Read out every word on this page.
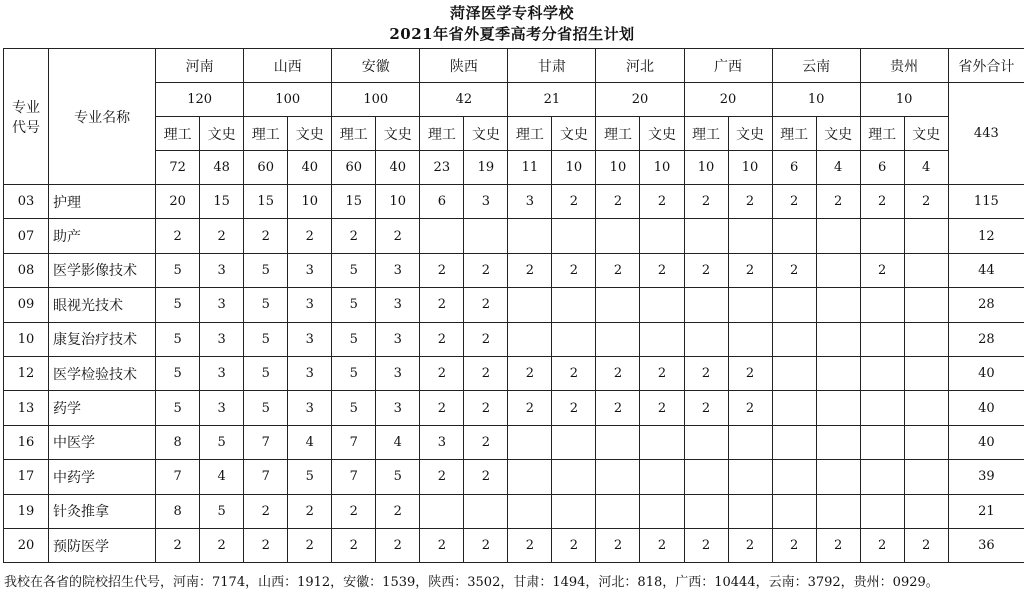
菏泽医学专科学校
2021年省外夏季高考分省招生计划
专业
代号	专业名称	河南		山西		安徽		陕西		甘肃		河北		广西		云南		贵州		省外合计
		120		100		100		42		21		20		20		10		10		443
		理工	文史	理工	文史	理工	文史	理工	文史	理工	文史	理工	文史	理工	文史	理工	文史	理工	文史	
		72	48	60	40	60	40	23	19	11	10	10	10	10	10	6	4	6	4	
03	护理	20	15	15	10	15	10	6	3	3	2	2	2	2	2	2	2	2	2	115
07	助产	2	2	2	2	2	2													12
08	医学影像技术	5	3	5	3	5	3	2	2	2	2	2	2	2	2	2		2		44
09	眼视光技术	5	3	5	3	5	3	2	2											28
10	康复治疗技术	5	3	5	3	5	3	2	2											28
12	医学检验技术	5	3	5	3	5	3	2	2	2	2	2	2	2	2					40
13	药学	5	3	5	3	5	3	2	2	2	2	2	2	2	2					40
16	中医学	8	5	7	4	7	4	3	2											40
17	中药学	7	4	7	5	7	5	2	2											39
19	针灸推拿	8	5	2	2	2	2													21
20	预防医学	2	2	2	2	2	2	2	2	2	2	2	2	2	2	2	2	2	2	36
我校在各省的院校招生代号，河南：7174，山西：1912，安徽：1539，陕西：3502，甘肃：1494，河北：818，广西：10444，云南：3792，贵州：0929。
